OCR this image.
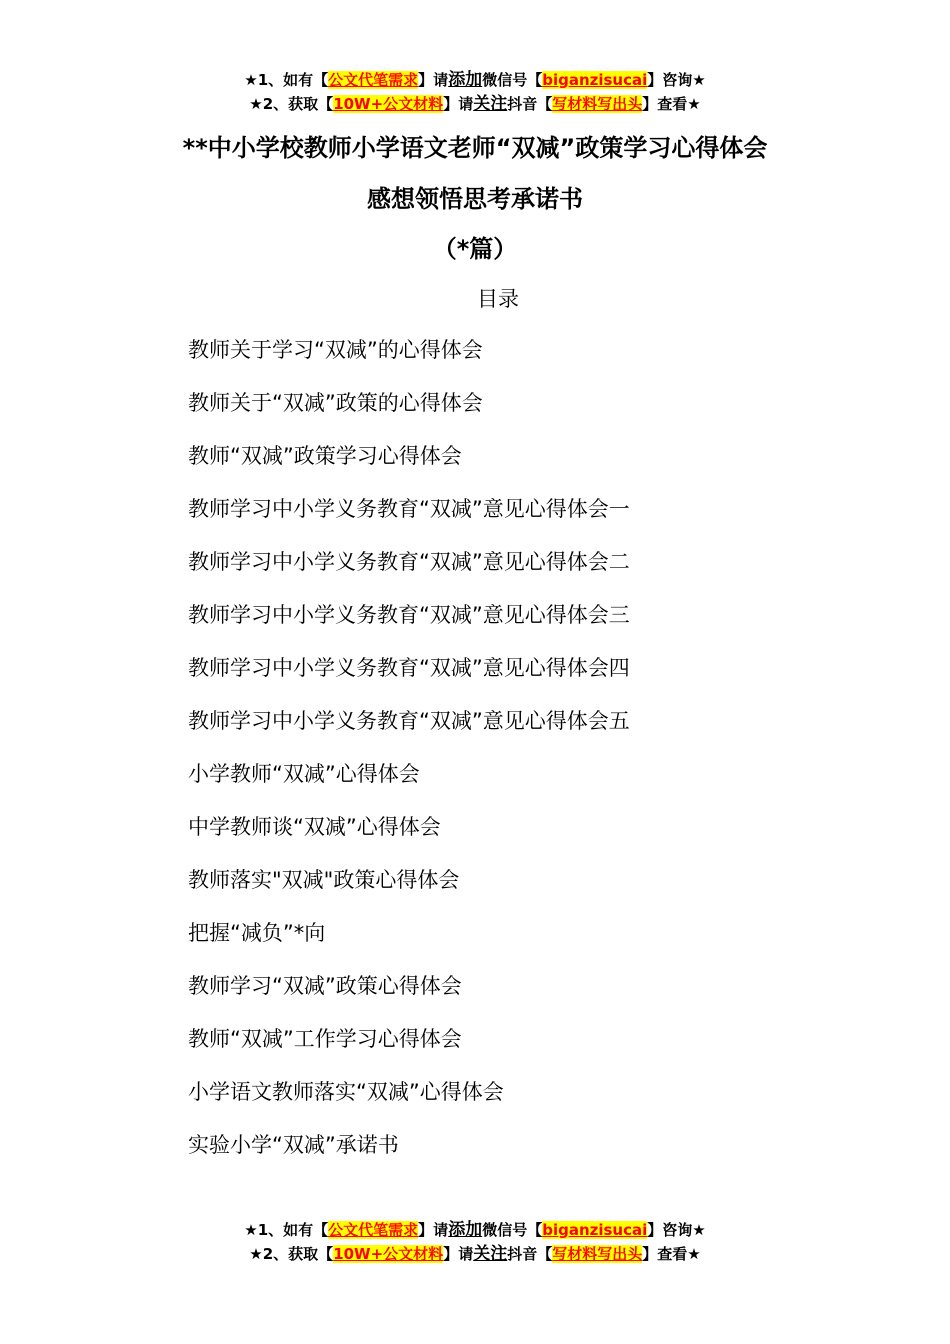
★1、如有【公文代笔需求】请添加微信号【biganzisucai】咨询★
★2、获取【10W+公文材料】请关注抖音【写材料写出头】查看★
**中小学校教师小学语文老师“双减”政策学习心得体会
感想领悟思考承诺书
（*篇）
目录
教师关于学习“双减”的心得体会
教师关于“双减”政策的心得体会
教师“双减”政策学习心得体会
教师学习中小学义务教育“双减”意见心得体会一
教师学习中小学义务教育“双减”意见心得体会二
教师学习中小学义务教育“双减”意见心得体会三
教师学习中小学义务教育“双减”意见心得体会四
教师学习中小学义务教育“双减”意见心得体会五
小学教师“双减”心得体会
中学教师谈“双减”心得体会
教师落实"双减"政策心得体会
把握“减负”*向
教师学习“双减”政策心得体会
教师“双减”工作学习心得体会
小学语文教师落实“双减”心得体会
实验小学“双减”承诺书
★1、如有【公文代笔需求】请添加微信号【biganzisucai】咨询★
★2、获取【10W+公文材料】请关注抖音【写材料写出头】查看★
